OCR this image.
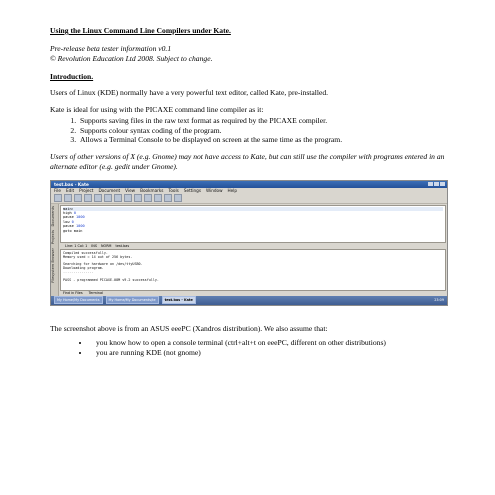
Using the Linux Command Line Compilers under Kate.
Pre-release beta tester information v0.1
© Revolution Education Ltd 2008. Subject to change.
Introduction.

Users of Linux (KDE) normally have a very powerful text editor, called Kate, pre-installed.

Kate is ideal for using with the PICAXE command line compiler as it:

1. Supports saving files in the raw text format as required by the PICAXE compiler.
2. Supports colour syntax coding of the program.
3. Allows a Terminal Console to be displayed on screen at the same time as the program.
Users of other versions of X (e.g. Gnome) may not have access to Kate, but can still use the compiler with programs entered in an alternate editor (e.g. gedit under Gnome).
test.bas - Kate
File Edit Project Document View Bookmarks Tools Settings Window Help
Documents
Projects
Filesystem Browser
main:
high 0
pause 1000
low 0
pause 1000
goto main
Line: 1 Col: 1 INS NORM test.bas
Compiled successfully.
Memory used = 14 out of 256 bytes.
Searching for hardware on /dev/ttyUSB0.
Downloading program.
...............
PASS - programmed PICAXE-08M v9.2 successfully.
Find in Files Terminal
My Home/My Documents	My Home/My Documents/te	test.bas - Kate	23:09

The screenshot above is from an ASUS eeePC (Xandros distribution). We also assume that:

• you know how to open a console terminal (ctrl+alt+t on eeePC, different on other distributions)
• you are running KDE (not gnome)
